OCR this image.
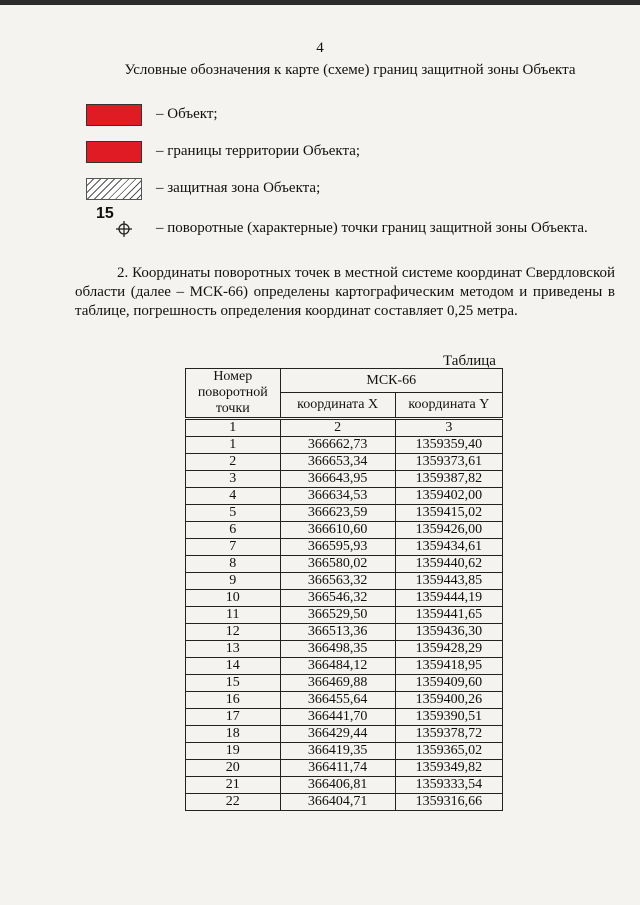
4
Условные обозначения к карте (схеме) границ защитной зоны Объекта
– Объект;
– границы территории Объекта;
– защитная зона Объекта;
15
– поворотные (характерные) точки границ защитной зоны Объекта.
2. Координаты поворотных точек в местной системе координат Свердловской области (далее – МСК-66) определены картографическим методом и приведены в таблице, погрешность определения координат составляет 0,25 метра.
Таблица
Номер поворотной точки	МСК-66	
	координата X	координата Y
1	2	3
1	366662,73	1359359,40
2	366653,34	1359373,61
3	366643,95	1359387,82
4	366634,53	1359402,00
5	366623,59	1359415,02
6	366610,60	1359426,00
7	366595,93	1359434,61
8	366580,02	1359440,62
9	366563,32	1359443,85
10	366546,32	1359444,19
11	366529,50	1359441,65
12	366513,36	1359436,30
13	366498,35	1359428,29
14	366484,12	1359418,95
15	366469,88	1359409,60
16	366455,64	1359400,26
17	366441,70	1359390,51
18	366429,44	1359378,72
19	366419,35	1359365,02
20	366411,74	1359349,82
21	366406,81	1359333,54
22	366404,71	1359316,66
